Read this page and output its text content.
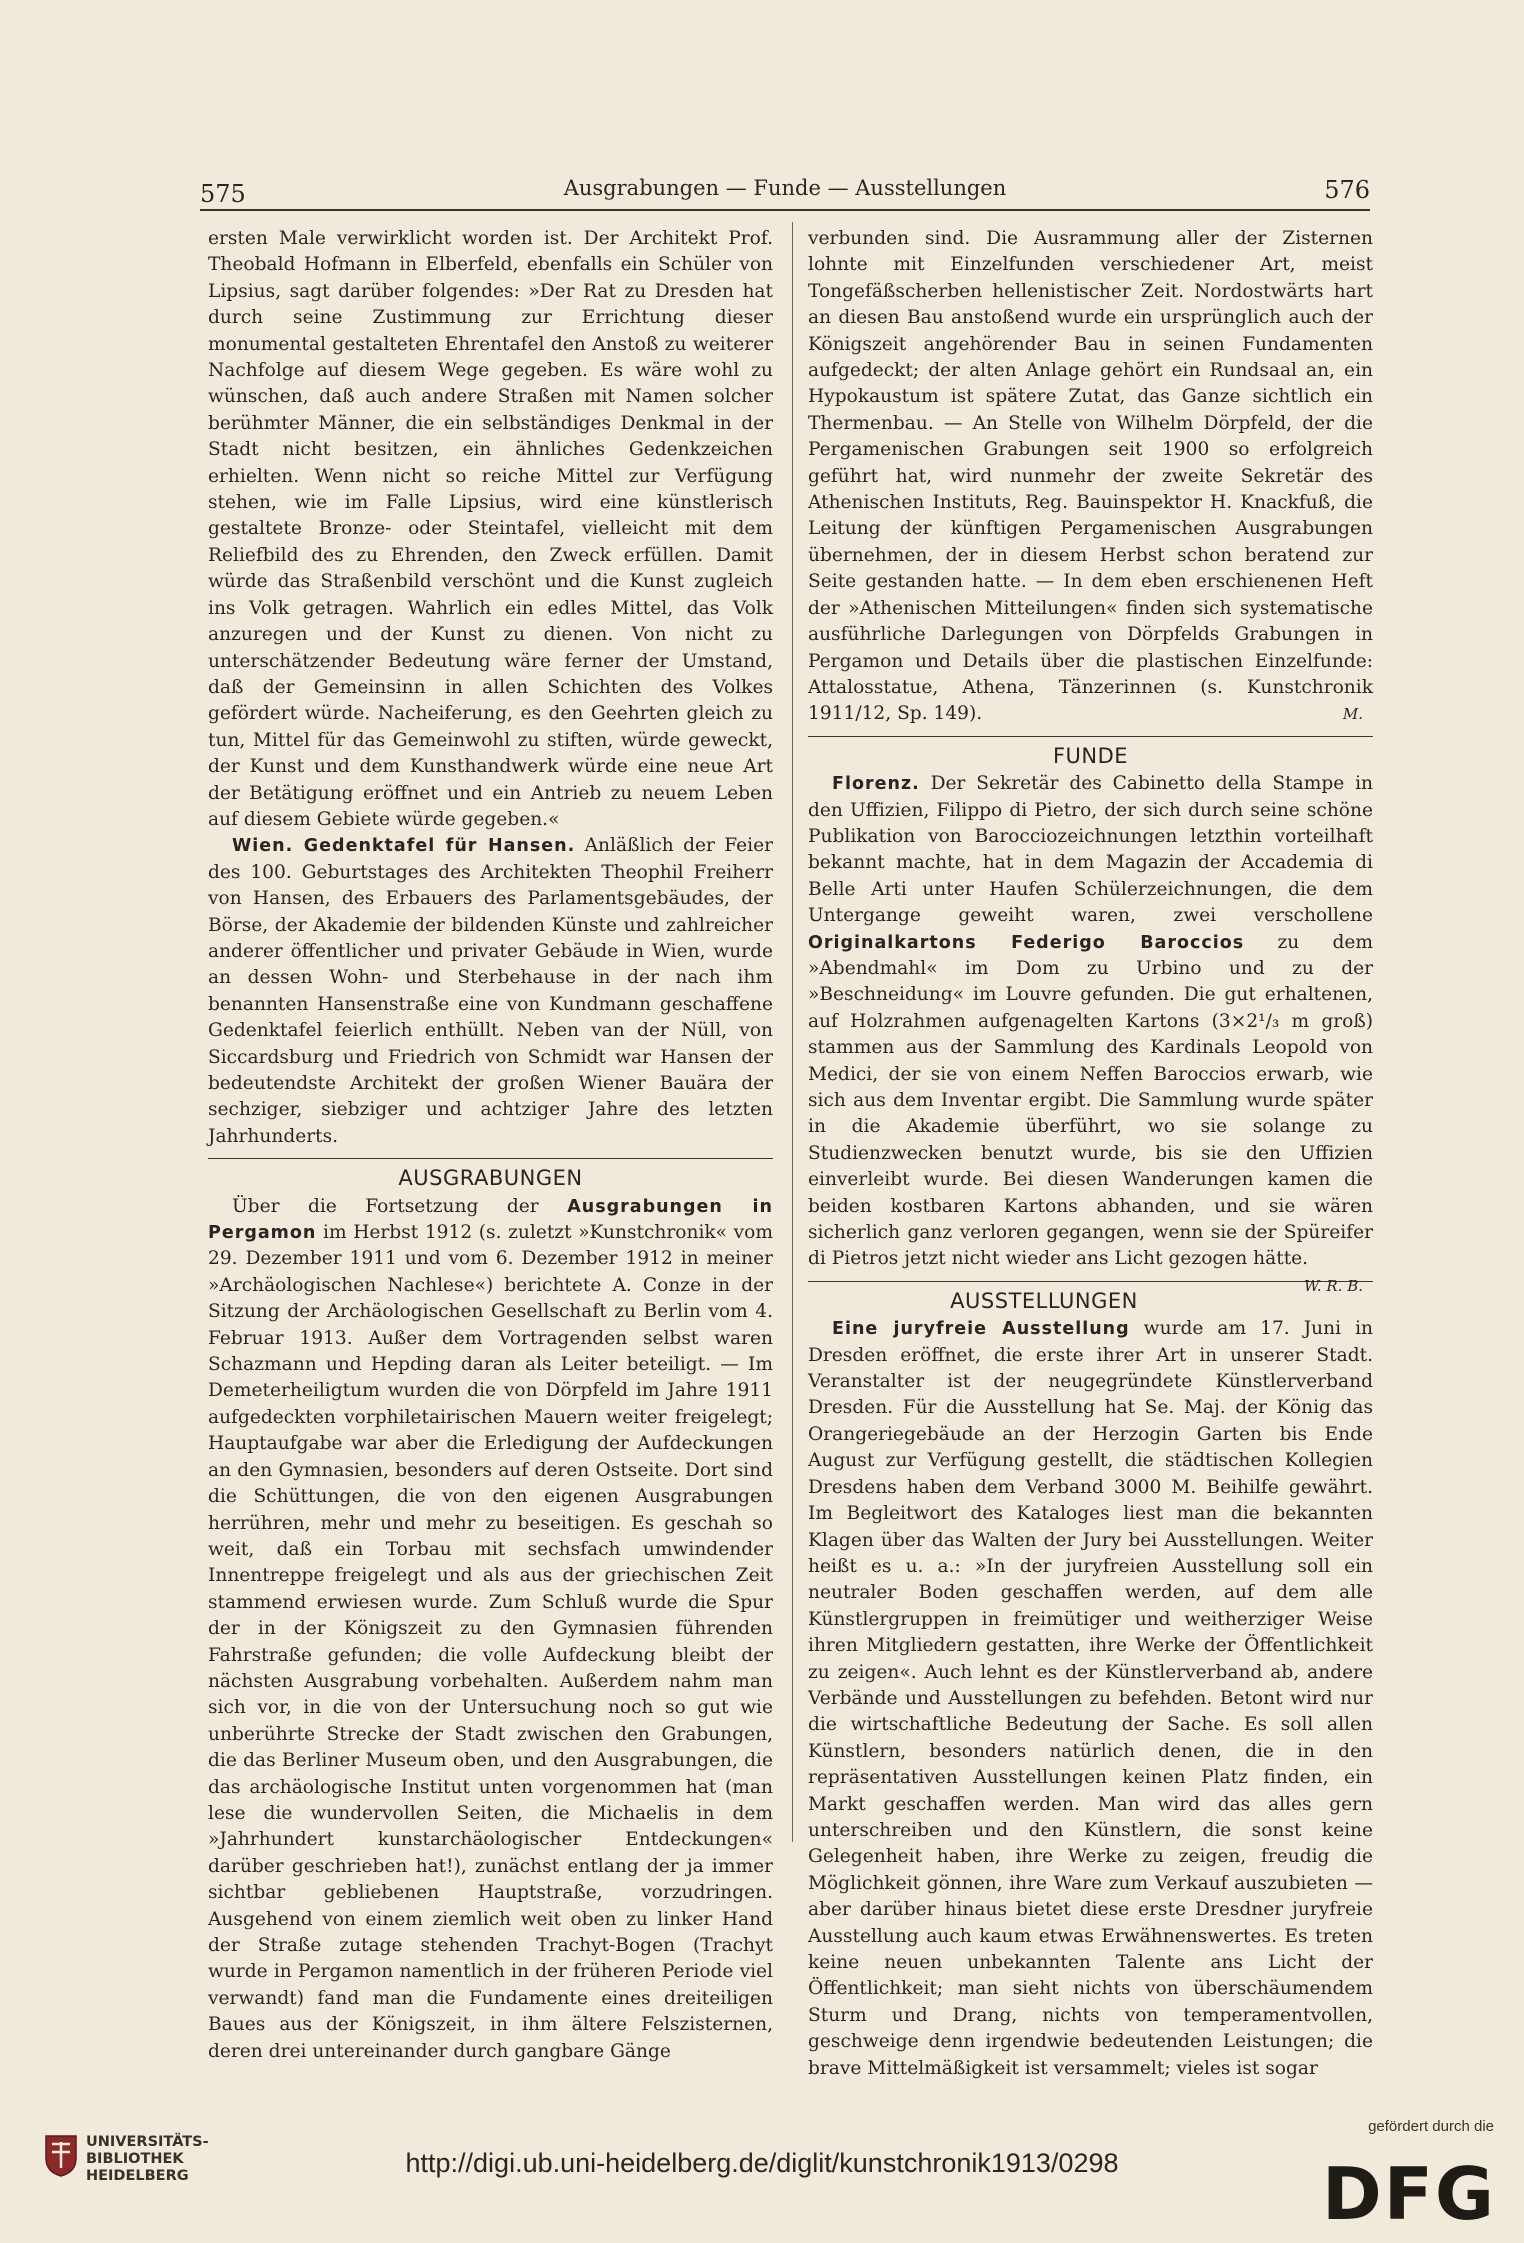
575	Ausgrabungen — Funde — Ausstellungen	576

ersten Male verwirklicht worden ist. Der Architekt Prof. Theobald Hofmann in Elberfeld, ebenfalls ein Schüler von Lipsius, sagt darüber folgendes: »Der Rat zu Dresden hat durch seine Zustimmung zur Errichtung dieser monumental gestalteten Ehrentafel den Anstoß zu weiterer Nachfolge auf diesem Wege gegeben. Es wäre wohl zu wünschen, daß auch andere Straßen mit Namen solcher berühmter Männer, die ein selbständiges Denkmal in der Stadt nicht besitzen, ein ähnliches Gedenkzeichen erhielten. Wenn nicht so reiche Mittel zur Verfügung stehen, wie im Falle Lipsius, wird eine künstlerisch gestaltete Bronze- oder Steintafel, vielleicht mit dem Reliefbild des zu Ehrenden, den Zweck erfüllen. Damit würde das Straßenbild verschönt und die Kunst zugleich ins Volk getragen. Wahrlich ein edles Mittel, das Volk anzuregen und der Kunst zu dienen. Von nicht zu unterschätzender Bedeutung wäre ferner der Umstand, daß der Gemeinsinn in allen Schichten des Volkes gefördert würde. Nacheiferung, es den Geehrten gleich zu tun, Mittel für das Gemeinwohl zu stiften, würde geweckt, der Kunst und dem Kunsthandwerk würde eine neue Art der Betätigung eröffnet und ein Antrieb zu neuem Leben auf diesem Gebiete würde gegeben.«

Wien. Gedenktafel für Hansen. Anläßlich der Feier des 100. Geburtstages des Architekten Theophil Freiherr von Hansen, des Erbauers des Parlamentsgebäudes, der Börse, der Akademie der bildenden Künste und zahlreicher anderer öffentlicher und privater Gebäude in Wien, wurde an dessen Wohn- und Sterbehause in der nach ihm benannten Hansenstraße eine von Kundmann geschaffene Gedenktafel feierlich enthüllt. Neben van der Nüll, von Siccardsburg und Friedrich von Schmidt war Hansen der bedeutendste Architekt der großen Wiener Bauära der sechziger, siebziger und achtziger Jahre des letzten Jahrhunderts.

AUSGRABUNGEN

Über die Fortsetzung der Ausgrabungen in Pergamon im Herbst 1912 (s. zuletzt »Kunstchronik« vom 29. Dezember 1911 und vom 6. Dezember 1912 in meiner »Archäologischen Nachlese«) berichtete A. Conze in der Sitzung der Archäologischen Gesellschaft zu Berlin vom 4. Februar 1913. Außer dem Vortragenden selbst waren Schazmann und Hepding daran als Leiter beteiligt. — Im Demeterheiligtum wurden die von Dörpfeld im Jahre 1911 aufgedeckten vorphiletairischen Mauern weiter freigelegt; Hauptaufgabe war aber die Erledigung der Aufdeckungen an den Gymnasien, besonders auf deren Ostseite. Dort sind die Schüttungen, die von den eigenen Ausgrabungen herrühren, mehr und mehr zu beseitigen. Es geschah so weit, daß ein Torbau mit sechsfach umwindender Innentreppe freigelegt und als aus der griechischen Zeit stammend erwiesen wurde. Zum Schluß wurde die Spur der in der Königszeit zu den Gymnasien führenden Fahrstraße gefunden; die volle Aufdeckung bleibt der nächsten Ausgrabung vorbehalten. Außerdem nahm man sich vor, in die von der Untersuchung noch so gut wie unberührte Strecke der Stadt zwischen den Grabungen, die das Berliner Museum oben, und den Ausgrabungen, die das archäologische Institut unten vorgenommen hat (man lese die wundervollen Seiten, die Michaelis in dem »Jahrhundert kunstarchäologischer Entdeckungen« darüber geschrieben hat!), zunächst entlang der ja immer sichtbar gebliebenen Hauptstraße, vorzudringen. Ausgehend von einem ziemlich weit oben zu linker Hand der Straße zutage stehenden Trachyt-Bogen (Trachyt wurde in Pergamon namentlich in der früheren Periode viel verwandt) fand man die Fundamente eines dreiteiligen Baues aus der Königszeit, in ihm ältere Felszisternen, deren drei untereinander durch gangbare Gänge

verbunden sind. Die Ausrammung aller der Zisternen lohnte mit Einzelfunden verschiedener Art, meist Tongefäßscherben hellenistischer Zeit. Nordostwärts hart an diesen Bau anstoßend wurde ein ursprünglich auch der Königszeit angehörender Bau in seinen Fundamenten aufgedeckt; der alten Anlage gehört ein Rundsaal an, ein Hypokaustum ist spätere Zutat, das Ganze sichtlich ein Thermenbau. — An Stelle von Wilhelm Dörpfeld, der die Pergamenischen Grabungen seit 1900 so erfolgreich geführt hat, wird nunmehr der zweite Sekretär des Athenischen Instituts, Reg. Bauinspektor H. Knackfuß, die Leitung der künftigen Pergamenischen Ausgrabungen übernehmen, der in diesem Herbst schon beratend zur Seite gestanden hatte. — In dem eben erschienenen Heft der »Athenischen Mitteilungen« finden sich systematische ausführliche Darlegungen von Dörpfelds Grabungen in Pergamon und Details über die plastischen Einzelfunde: Attalosstatue, Athena, Tänzerinnen (s. Kunstchronik 1911/12, Sp. 149).	M.

FUNDE

Florenz. Der Sekretär des Cabinetto della Stampe in den Uffizien, Filippo di Pietro, der sich durch seine schöne Publikation von Barocciozeichnungen letzthin vorteilhaft bekannt machte, hat in dem Magazin der Accademia di Belle Arti unter Haufen Schülerzeichnungen, die dem Untergange geweiht waren, zwei verschollene Originalkartons Federigo Baroccios zu dem »Abendmahl« im Dom zu Urbino und zu der »Beschneidung« im Louvre gefunden. Die gut erhaltenen, auf Holzrahmen aufgenagelten Kartons (3×2¹/₃ m groß) stammen aus der Sammlung des Kardinals Leopold von Medici, der sie von einem Neffen Baroccios erwarb, wie sich aus dem Inventar ergibt. Die Sammlung wurde später in die Akademie überführt, wo sie solange zu Studienzwecken benutzt wurde, bis sie den Uffizien einverleibt wurde. Bei diesen Wanderungen kamen die beiden kostbaren Kartons abhanden, und sie wären sicherlich ganz verloren gegangen, wenn sie der Spüreifer di Pietros jetzt nicht wieder ans Licht gezogen hätte.
W. R. B.

AUSSTELLUNGEN

Eine juryfreie Ausstellung wurde am 17. Juni in Dresden eröffnet, die erste ihrer Art in unserer Stadt. Veranstalter ist der neugegründete Künstlerverband Dresden. Für die Ausstellung hat Se. Maj. der König das Orangeriegebäude an der Herzogin Garten bis Ende August zur Verfügung gestellt, die städtischen Kollegien Dresdens haben dem Verband 3000 M. Beihilfe gewährt. Im Begleitwort des Kataloges liest man die bekannten Klagen über das Walten der Jury bei Ausstellungen. Weiter heißt es u. a.: »In der juryfreien Ausstellung soll ein neutraler Boden geschaffen werden, auf dem alle Künstlergruppen in freimütiger und weitherziger Weise ihren Mitgliedern gestatten, ihre Werke der Öffentlichkeit zu zeigen«. Auch lehnt es der Künstlerverband ab, andere Verbände und Ausstellungen zu befehden. Betont wird nur die wirtschaftliche Bedeutung der Sache. Es soll allen Künstlern, besonders natürlich denen, die in den repräsentativen Ausstellungen keinen Platz finden, ein Markt geschaffen werden. Man wird das alles gern unterschreiben und den Künstlern, die sonst keine Gelegenheit haben, ihre Werke zu zeigen, freudig die Möglichkeit gönnen, ihre Ware zum Verkauf auszubieten — aber darüber hinaus bietet diese erste Dresdner juryfreie Ausstellung auch kaum etwas Erwähnenswertes. Es treten keine neuen unbekannten Talente ans Licht der Öffentlichkeit; man sieht nichts von überschäumendem Sturm und Drang, nichts von temperamentvollen, geschweige denn irgendwie bedeutenden Leistungen; die brave Mittelmäßigkeit ist versammelt; vieles ist sogar

UNIVERSITÄTS-
BIBLIOTHEK
HEIDELBERG	http://digi.ub.uni-heidelberg.de/diglit/kunstchronik1913/0298
gefördert durch die
DFG
